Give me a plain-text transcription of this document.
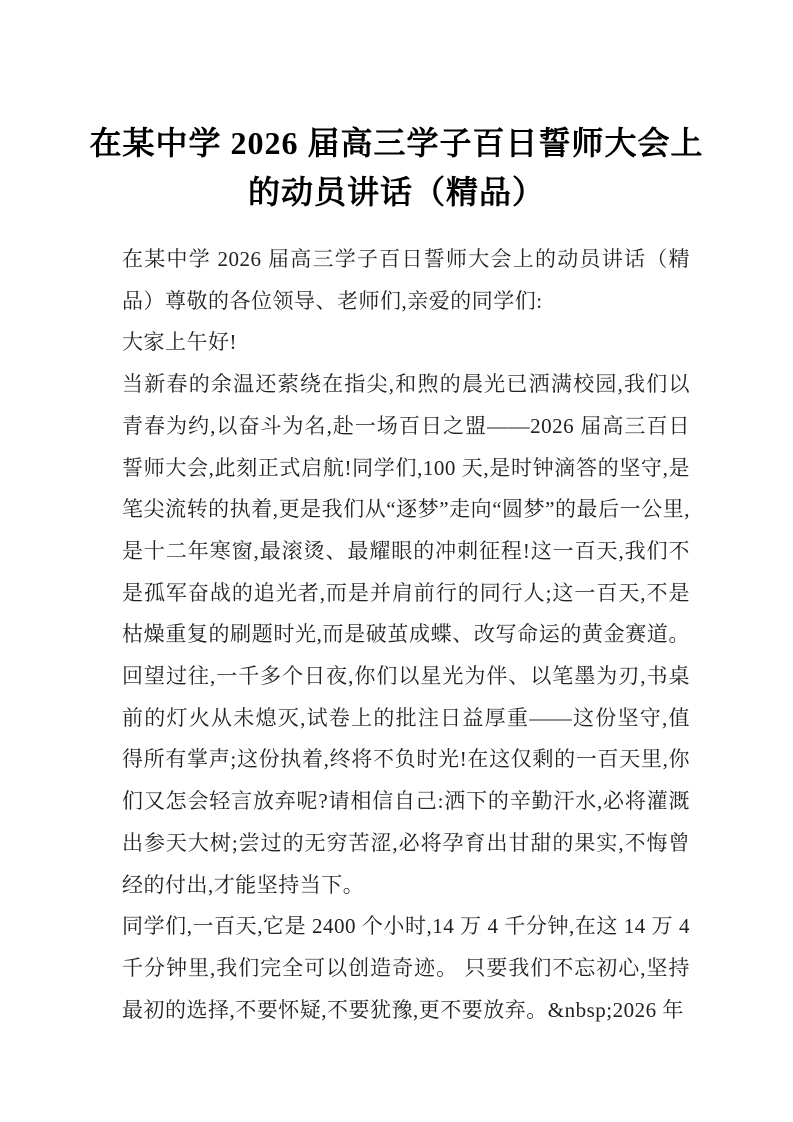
在某中学 2026 届高三学子百日誓师大会上
的动员讲话（精品）

在某中学 2026 届高三学子百日誓师大会上的动员讲话（精品）尊敬的各位领导、老师们,亲爱的同学们:

大家上午好!

当新春的余温还萦绕在指尖,和煦的晨光已洒满校园,我们以青春为约,以奋斗为名,赴一场百日之盟——2026 届高三百日誓师大会,此刻正式启航!同学们,100 天,是时钟滴答的坚守,是笔尖流转的执着,更是我们从“逐梦”走向“圆梦”的最后一公里,是十二年寒窗,最滚烫、最耀眼的冲刺征程!这一百天,我们不是孤军奋战的追光者,而是并肩前行的同行人;这一百天,不是枯燥重复的刷题时光,而是破茧成蝶、改写命运的黄金赛道。回望过往,一千多个日夜,你们以星光为伴、以笔墨为刃,书桌前的灯火从未熄灭,试卷上的批注日益厚重——这份坚守,值得所有掌声;这份执着,终将不负时光!在这仅剩的一百天里,你们又怎会轻言放弃呢?请相信自己:洒下的辛勤汗水,必将灌溉出参天大树;尝过的无穷苦涩,必将孕育出甘甜的果实,不悔曾经的付出,才能坚持当下。

同学们,一百天,它是 2400 个小时,14 万 4 千分钟,在这 14 万 4 千分钟里,我们完全可以创造奇迹。 只要我们不忘初心,坚持最初的选择,不要怀疑,不要犹豫,更不要放弃。&nbsp;2026 年
